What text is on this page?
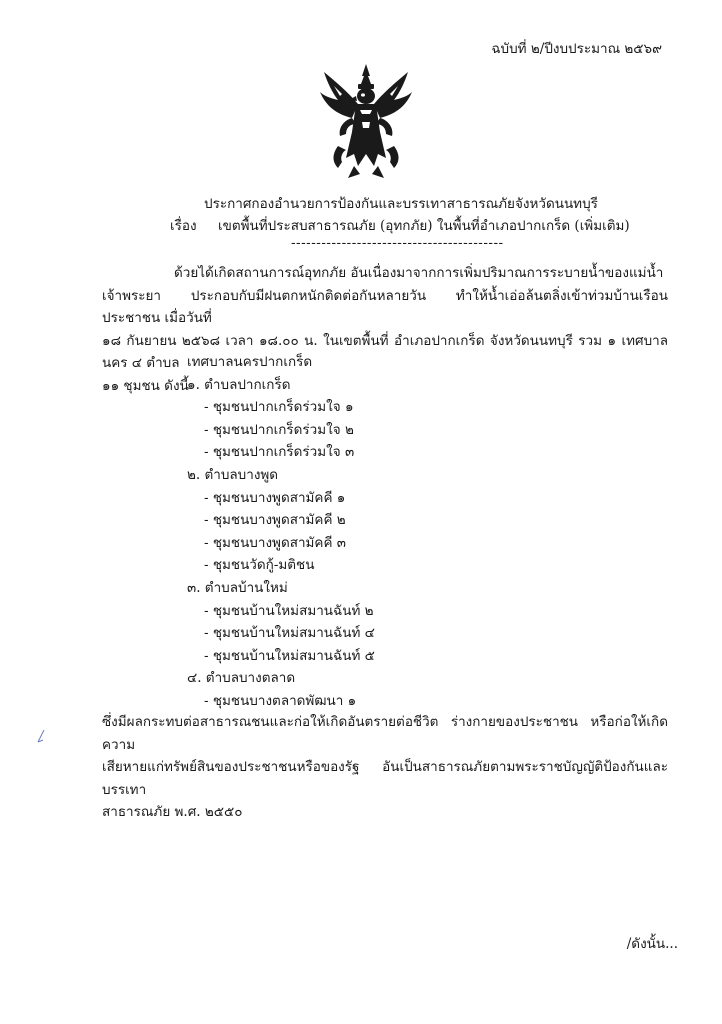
ฉบับที่ ๒/ปีงบประมาณ ๒๕๖๙
ประกาศกองอำนวยการป้องกันและบรรเทาสาธารณภัยจังหวัดนนทบุรี
เรื่อง เขตพื้นที่ประสบสาธารณภัย (อุทกภัย) ในพื้นที่อำเภอปากเกร็ด (เพิ่มเติม)
------------------------------------------
ด้วยได้เกิดสถานการณ์อุทกภัย อันเนื่องมาจากการเพิ่มปริมาณการระบายน้ำของแม่น้ำ
เจ้าพระยา ประกอบกับมีฝนตกหนักติดต่อกันหลายวัน ทำให้น้ำเอ่อล้นตลิ่งเข้าท่วมบ้านเรือนประชาชน เมื่อวันที่
๑๘ กันยายน ๒๕๖๘ เวลา ๑๘.๐๐ น. ในเขตพื้นที่ อำเภอปากเกร็ด จังหวัดนนทบุรี รวม ๑ เทศบาลนคร ๔ ตำบล
๑๑ ชุมชน ดังนี้
เทศบาลนครปากเกร็ด
๑. ตำบลปากเกร็ด
- ชุมชนปากเกร็ดร่วมใจ ๑
- ชุมชนปากเกร็ดร่วมใจ ๒
- ชุมชนปากเกร็ดร่วมใจ ๓
๒. ตำบลบางพูด
- ชุมชนบางพูดสามัคคี ๑
- ชุมชนบางพูดสามัคคี ๒
- ชุมชนบางพูดสามัคคี ๓
- ชุมชนวัดกู้-มติชน
๓. ตำบลบ้านใหม่
- ชุมชนบ้านใหม่สมานฉันท์ ๒
- ชุมชนบ้านใหม่สมานฉันท์ ๔
- ชุมชนบ้านใหม่สมานฉันท์ ๕
๔. ตำบลบางตลาด
- ชุมชนบางตลาดพัฒนา ๑
ซึ่งมีผลกระทบต่อสาธารณชนและก่อให้เกิดอันตรายต่อชีวิต ร่างกายของประชาชน หรือก่อให้เกิดความ
เสียหายแก่ทรัพย์สินของประชาชนหรือของรัฐ อันเป็นสาธารณภัยตามพระราชบัญญัติป้องกันและบรรเทา
สาธารณภัย พ.ศ. ๒๕๕๐
/ดังนั้น...
